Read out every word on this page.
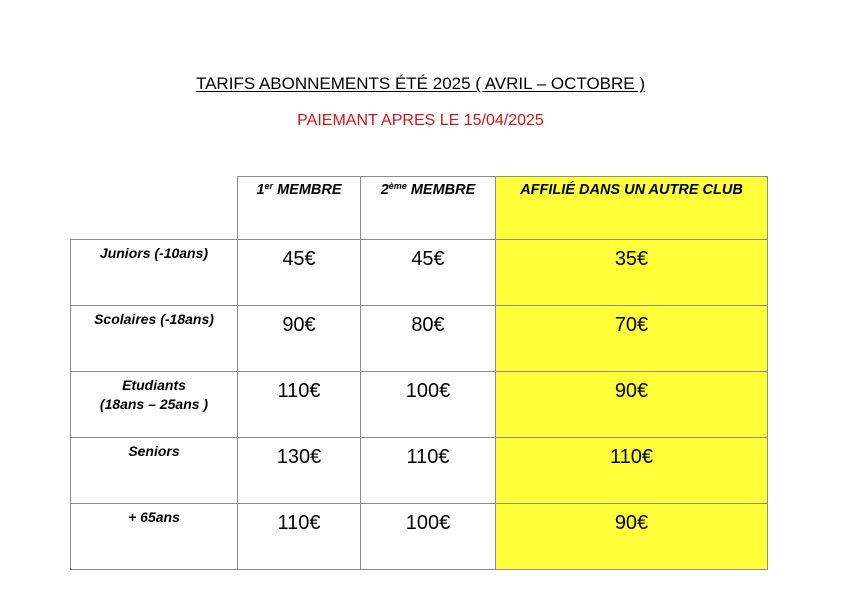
TARIFS ABONNEMENTS ÉTÉ 2025 ( AVRIL – OCTOBRE )
PAIEMANT APRES LE 15/04/2025
	1er MEMBRE	2ème MEMBRE	AFFILIÉ DANS UN AUTRE CLUB
Juniors (-10ans)	45€	45€	35€
Scolaires (-18ans)	90€	80€	70€
Etudiants
(18ans – 25ans )	110€	100€	90€
Seniors	130€	110€	110€
+ 65ans	110€	100€	90€
